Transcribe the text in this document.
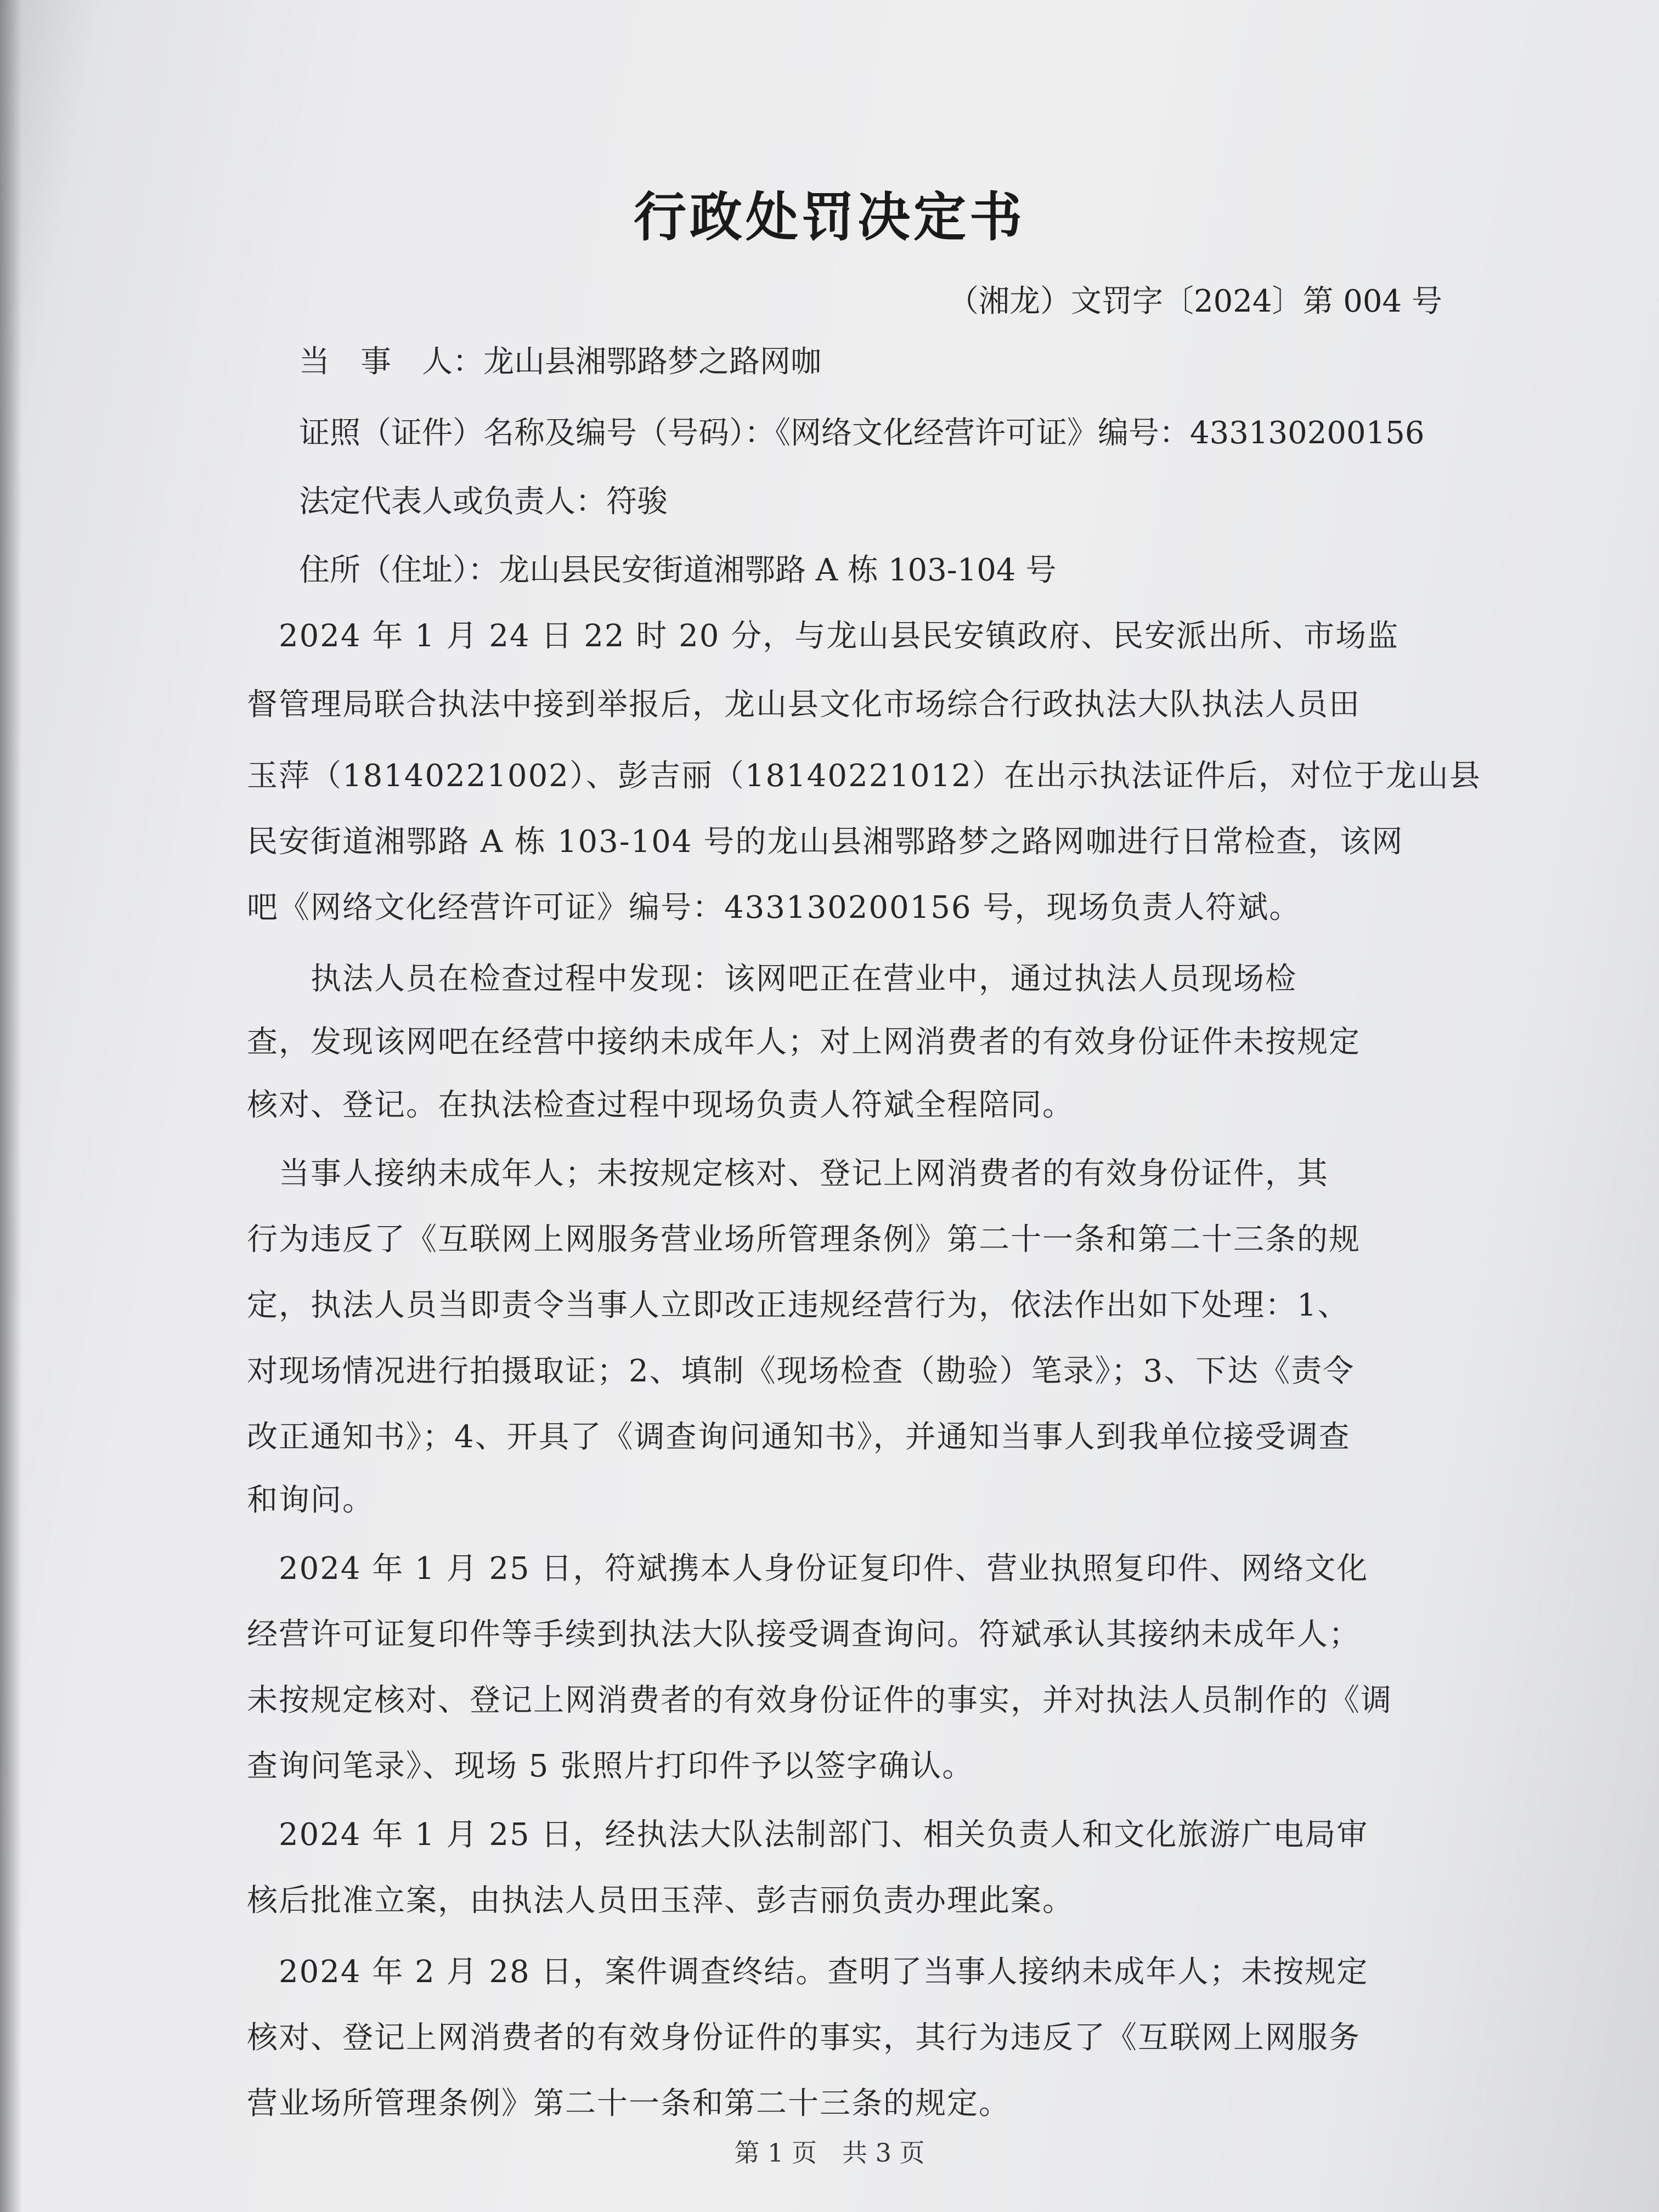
行政处罚决定书
（湘龙）文罚字〔2024〕第 004 号
当　事　人：龙山县湘鄂路梦之路网咖
证照（证件）名称及编号（号码）：《网络文化经营许可证》编号：433130200156
法定代表人或负责人：符骏
住所（住址）：龙山县民安街道湘鄂路 A 栋 103-104 号
　2024 年 1 月 24 日 22 时 20 分，与龙山县民安镇政府、民安派出所、市场监
督管理局联合执法中接到举报后，龙山县文化市场综合行政执法大队执法人员田
玉萍（18140221002）、彭吉丽（18140221012）在出示执法证件后，对位于龙山县
民安街道湘鄂路 A 栋 103-104 号的龙山县湘鄂路梦之路网咖进行日常检查，该网
吧《网络文化经营许可证》编号：433130200156 号，现场负责人符斌。
　　执法人员在检查过程中发现：该网吧正在营业中，通过执法人员现场检
查，发现该网吧在经营中接纳未成年人；对上网消费者的有效身份证件未按规定
核对、登记。在执法检查过程中现场负责人符斌全程陪同。
　当事人接纳未成年人；未按规定核对、登记上网消费者的有效身份证件，其
行为违反了《互联网上网服务营业场所管理条例》第二十一条和第二十三条的规
定，执法人员当即责令当事人立即改正违规经营行为，依法作出如下处理：1、
对现场情况进行拍摄取证；2、填制《现场检查（勘验）笔录》；3、下达《责令
改正通知书》；4、开具了《调查询问通知书》，并通知当事人到我单位接受调查
和询问。
　2024 年 1 月 25 日，符斌携本人身份证复印件、营业执照复印件、网络文化
经营许可证复印件等手续到执法大队接受调查询问。符斌承认其接纳未成年人；
未按规定核对、登记上网消费者的有效身份证件的事实，并对执法人员制作的《调
查询问笔录》、现场 5 张照片打印件予以签字确认。
　2024 年 1 月 25 日，经执法大队法制部门、相关负责人和文化旅游广电局审
核后批准立案，由执法人员田玉萍、彭吉丽负责办理此案。
　2024 年 2 月 28 日，案件调查终结。查明了当事人接纳未成年人；未按规定
核对、登记上网消费者的有效身份证件的事实，其行为违反了《互联网上网服务
营业场所管理条例》第二十一条和第二十三条的规定。
第 1 页　共 3 页
